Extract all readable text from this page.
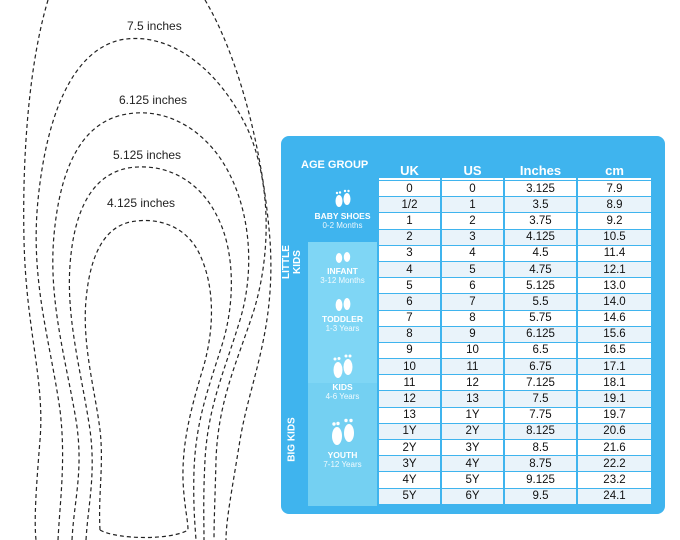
7.5 inches
6.125 inches
5.125 inches
4.125 inches
AGE GROUP
LITTLE KIDS
BIG KIDS
BABY SHOES
0-2 Months
INFANT
3-12 Months
TODDLER
1-3 Years
KIDS
4-6 Years
YOUTH
7-12 Years
UK	US	Inches	cm
0	0	3.125	7.9
1/2	1	3.5	8.9
1	2	3.75	9.2
2	3	4.125	10.5
3	4	4.5	11.4
4	5	4.75	12.1
5	6	5.125	13.0
6	7	5.5	14.0
7	8	5.75	14.6
8	9	6.125	15.6
9	10	6.5	16.5
10	11	6.75	17.1
11	12	7.125	18.1
12	13	7.5	19.1
13	1Y	7.75	19.7
1Y	2Y	8.125	20.6
2Y	3Y	8.5	21.6
3Y	4Y	8.75	22.2
4Y	5Y	9.125	23.2
5Y	6Y	9.5	24.1
